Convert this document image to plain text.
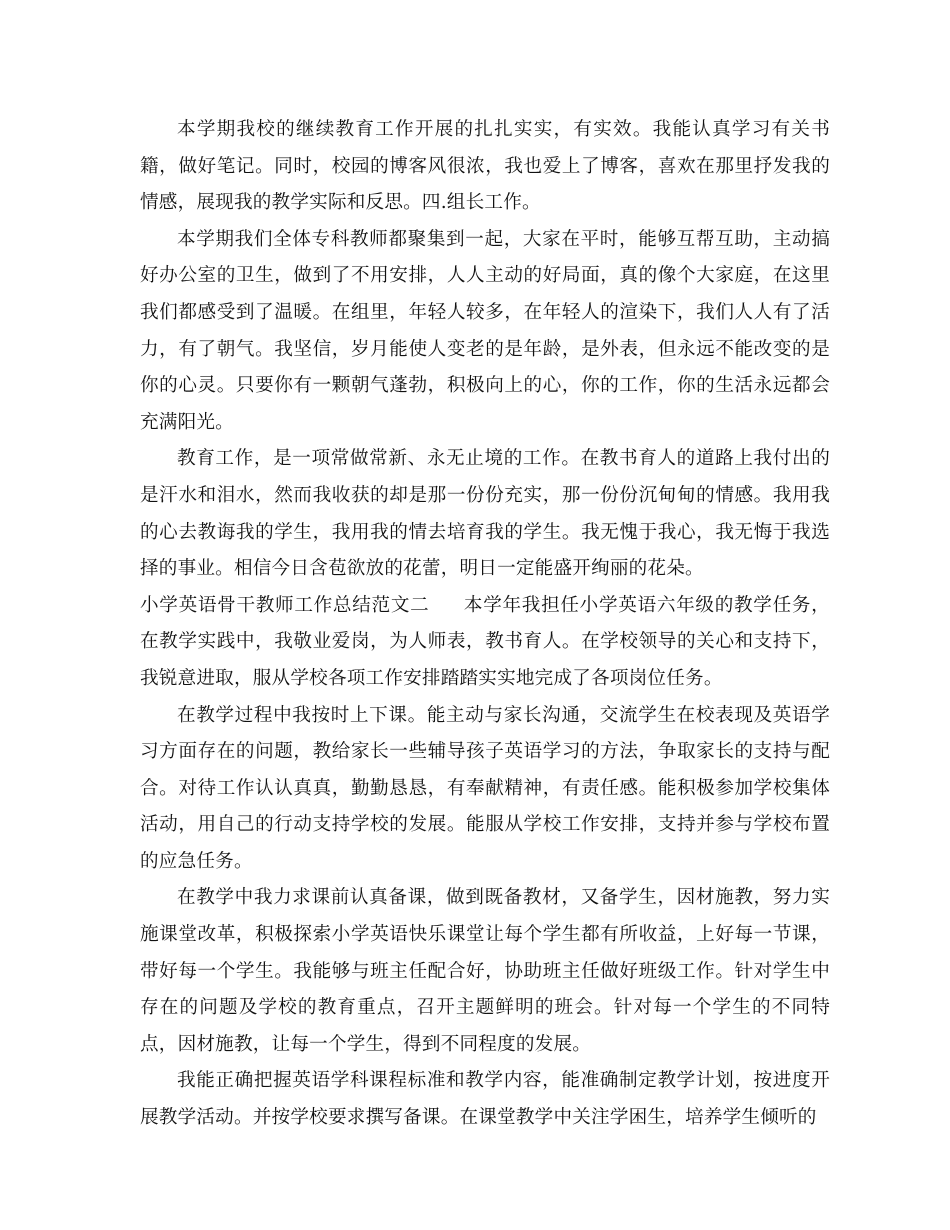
本学期我校的继续教育工作开展的扎扎实实，有实效。我能认真学习有关书籍，做好笔记。同时，校园的博客风很浓，我也爱上了博客，喜欢在那里抒发我的情感，展现我的教学实际和反思。四.组长工作。

本学期我们全体专科教师都聚集到一起，大家在平时，能够互帮互助，主动搞好办公室的卫生，做到了不用安排，人人主动的好局面，真的像个大家庭，在这里我们都感受到了温暖。在组里，年轻人较多，在年轻人的渲染下，我们人人有了活力，有了朝气。我坚信，岁月能使人变老的是年龄，是外表，但永远不能改变的是你的心灵。只要你有一颗朝气蓬勃，积极向上的心，你的工作，你的生活永远都会充满阳光。

教育工作，是一项常做常新、永无止境的工作。在教书育人的道路上我付出的是汗水和泪水，然而我收获的却是那一份份充实，那一份份沉甸甸的情感。我用我的心去教诲我的学生，我用我的情去培育我的学生。我无愧于我心，我无悔于我选择的事业。相信今日含苞欲放的花蕾，明日一定能盛开绚丽的花朵。

小学英语骨干教师工作总结范文二 本学年我担任小学英语六年级的教学任务，在教学实践中，我敬业爱岗，为人师表，教书育人。在学校领导的关心和支持下，我锐意进取，服从学校各项工作安排踏踏实实地完成了各项岗位任务。

在教学过程中我按时上下课。能主动与家长沟通，交流学生在校表现及英语学习方面存在的问题，教给家长一些辅导孩子英语学习的方法，争取家长的支持与配合。对待工作认认真真，勤勤恳恳，有奉献精神，有责任感。能积极参加学校集体活动，用自己的行动支持学校的发展。能服从学校工作安排，支持并参与学校布置的应急任务。

在教学中我力求课前认真备课，做到既备教材，又备学生，因材施教，努力实施课堂改革，积极探索小学英语快乐课堂让每个学生都有所收益，上好每一节课，带好每一个学生。我能够与班主任配合好，协助班主任做好班级工作。针对学生中存在的问题及学校的教育重点，召开主题鲜明的班会。针对每一个学生的不同特点，因材施教，让每一个学生，得到不同程度的发展。

我能正确把握英语学科课程标准和教学内容，能准确制定教学计划，按进度开展教学活动。并按学校要求撰写备课。在课堂教学中关注学困生，培养学生倾听的
